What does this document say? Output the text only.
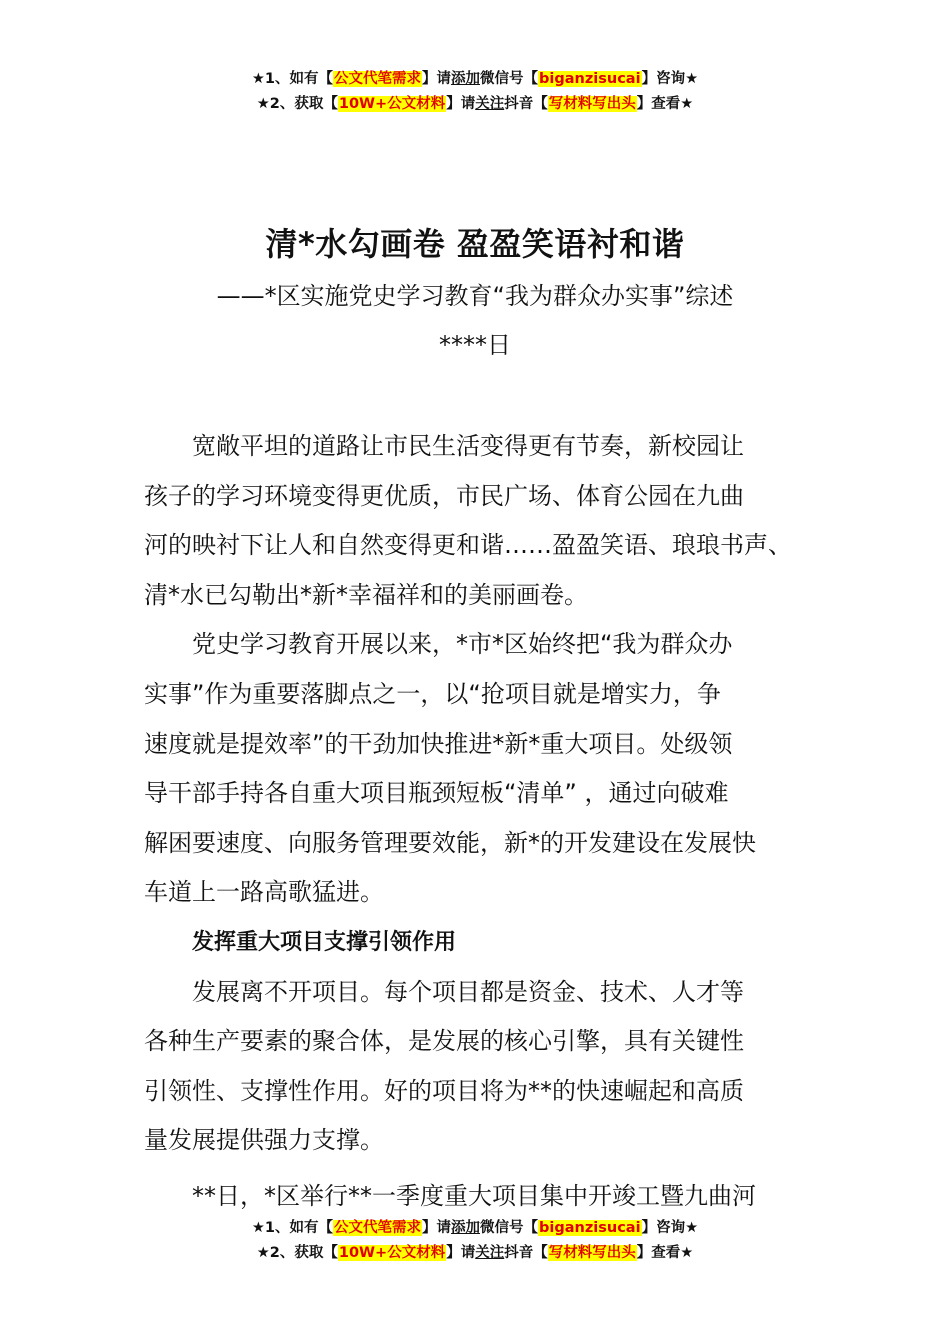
★1、如有【公文代笔需求】请添加微信号【biganzisucai】咨询★
★2、获取【10W+公文材料】请关注抖音【写材料写出头】查看★
清*水勾画卷 盈盈笑语衬和谐
——*区实施党史学习教育“我为群众办实事”综述
****日

宽敞平坦的道路让市民生活变得更有节奏，新校园让
孩子的学习环境变得更优质，市民广场、体育公园在九曲
河的映衬下让人和自然变得更和谐……盈盈笑语、琅琅书声、
清*水已勾勒出*新*幸福祥和的美丽画卷。

党史学习教育开展以来，*市*区始终把“我为群众办
实事”作为重要落脚点之一，以“抢项目就是增实力，争
速度就是提效率”的干劲加快推进*新*重大项目。处级领
导干部手持各自重大项目瓶颈短板“清单” ，通过向破难
解困要速度、向服务管理要效能，新*的开发建设在发展快
车道上一路高歌猛进。

发挥重大项目支撑引领作用

发展离不开项目。每个项目都是资金、技术、人才等
各种生产要素的聚合体，是发展的核心引擎，具有关键性
引领性、支撑性作用。好的项目将为**的快速崛起和高质
量发展提供强力支撑。

**日，*区举行**一季度重大项目集中开竣工暨九曲河

★1、如有【公文代笔需求】请添加微信号【biganzisucai】咨询★
★2、获取【10W+公文材料】请关注抖音【写材料写出头】查看★
